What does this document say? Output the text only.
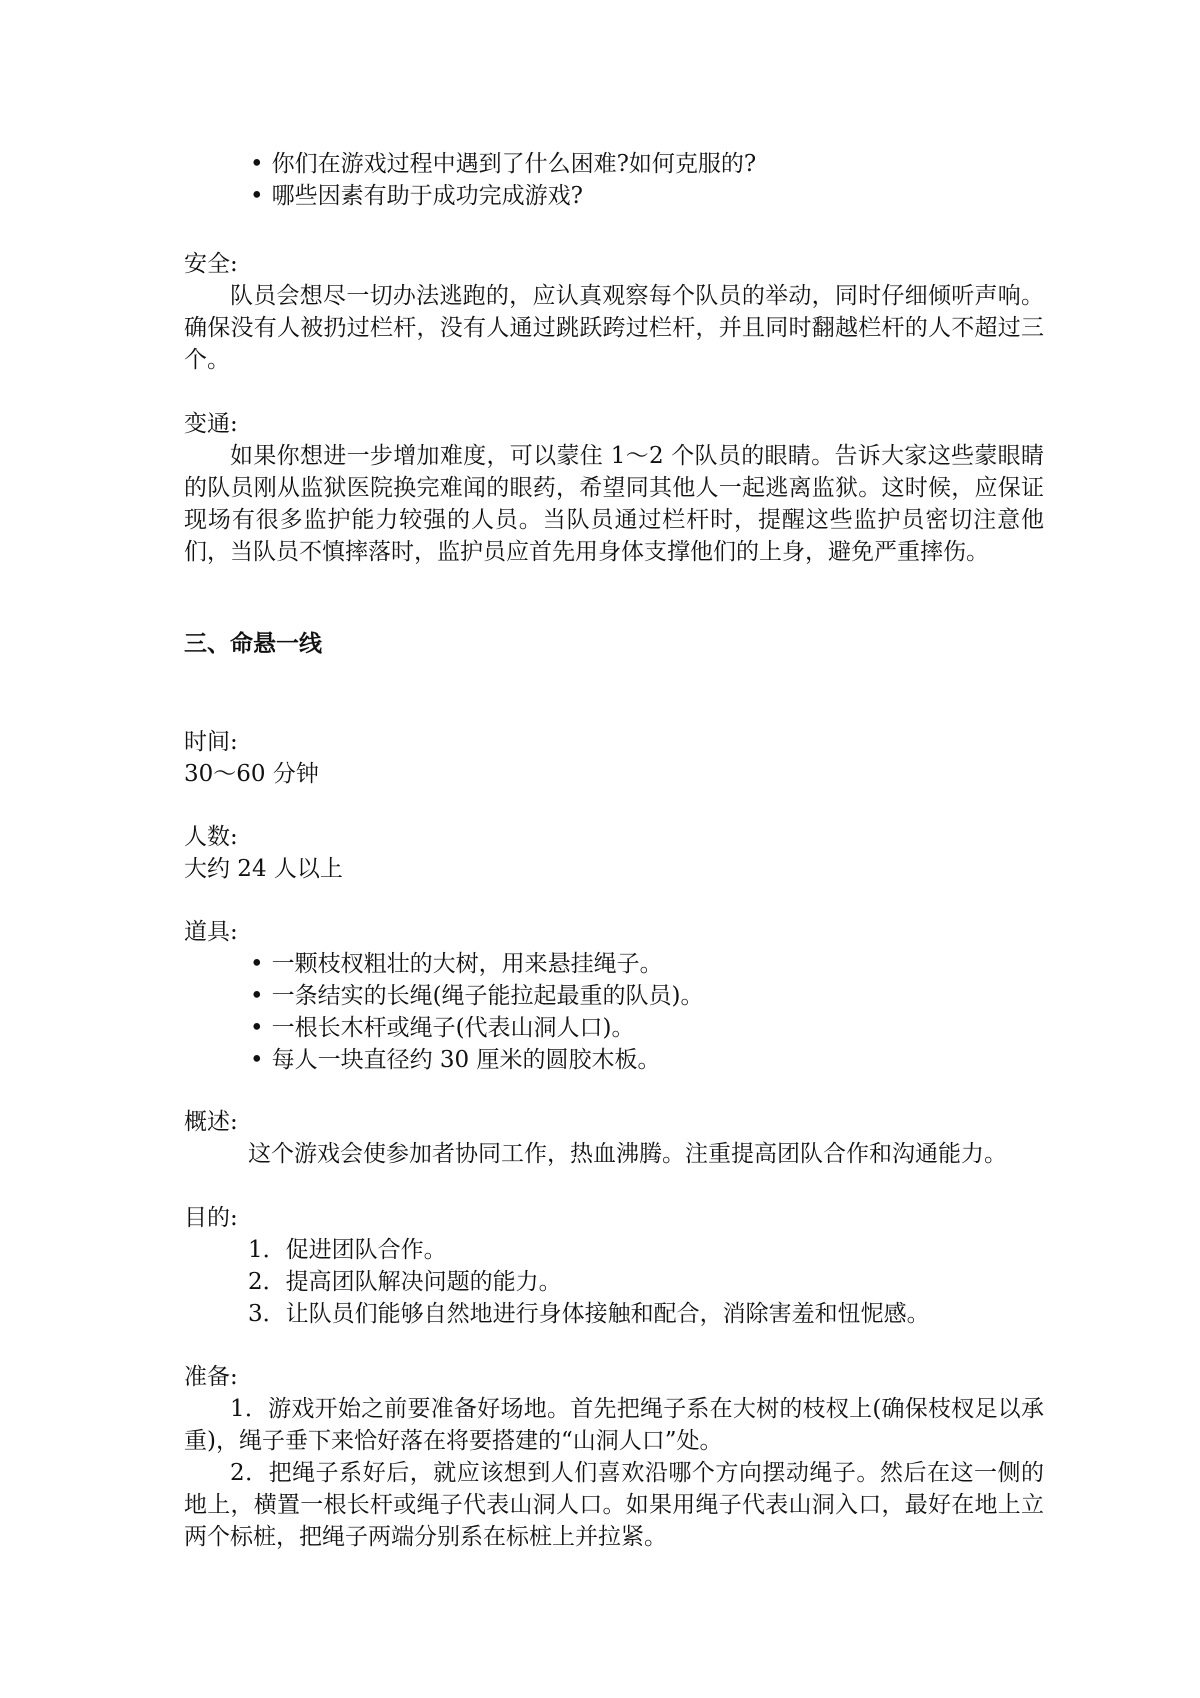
• 你们在游戏过程中遇到了什么困难?如何克服的?
• 哪些因素有助于成功完成游戏?
安全:

队员会想尽一切办法逃跑的，应认真观察每个队员的举动，同时仔细倾听声响。确保没有人被扔过栏杆，没有人通过跳跃跨过栏杆，并且同时翻越栏杆的人不超过三个。

变通:

如果你想进一步增加难度，可以蒙住 1～2 个队员的眼睛。告诉大家这些蒙眼睛的队员刚从监狱医院换完难闻的眼药，希望同其他人一起逃离监狱。这时候，应保证现场有很多监护能力较强的人员。当队员通过栏杆时，提醒这些监护员密切注意他们，当队员不慎摔落时，监护员应首先用身体支撑他们的上身，避免严重摔伤。

三、命悬一线
时间:
30～60 分钟
人数:
大约 24 人以上
道具:
• 一颗枝杈粗壮的大树，用来悬挂绳子。
• 一条结实的长绳(绳子能拉起最重的队员)。
• 一根长木杆或绳子(代表山洞人口)。
• 每人一块直径约 30 厘米的圆胶木板。
概述:
这个游戏会使参加者协同工作，热血沸腾。注重提高团队合作和沟通能力。
目的:
1．促进团队合作。
2．提高团队解决问题的能力。
3．让队员们能够自然地进行身体接触和配合，消除害羞和忸怩感。
准备:

1．游戏开始之前要准备好场地。首先把绳子系在大树的枝杈上(确保枝杈足以承重)，绳子垂下来恰好落在将要搭建的“山洞人口”处。

2．把绳子系好后，就应该想到人们喜欢沿哪个方向摆动绳子。然后在这一侧的地上，横置一根长杆或绳子代表山洞人口。如果用绳子代表山洞入口，最好在地上立两个标桩，把绳子两端分别系在标桩上并拉紧。
